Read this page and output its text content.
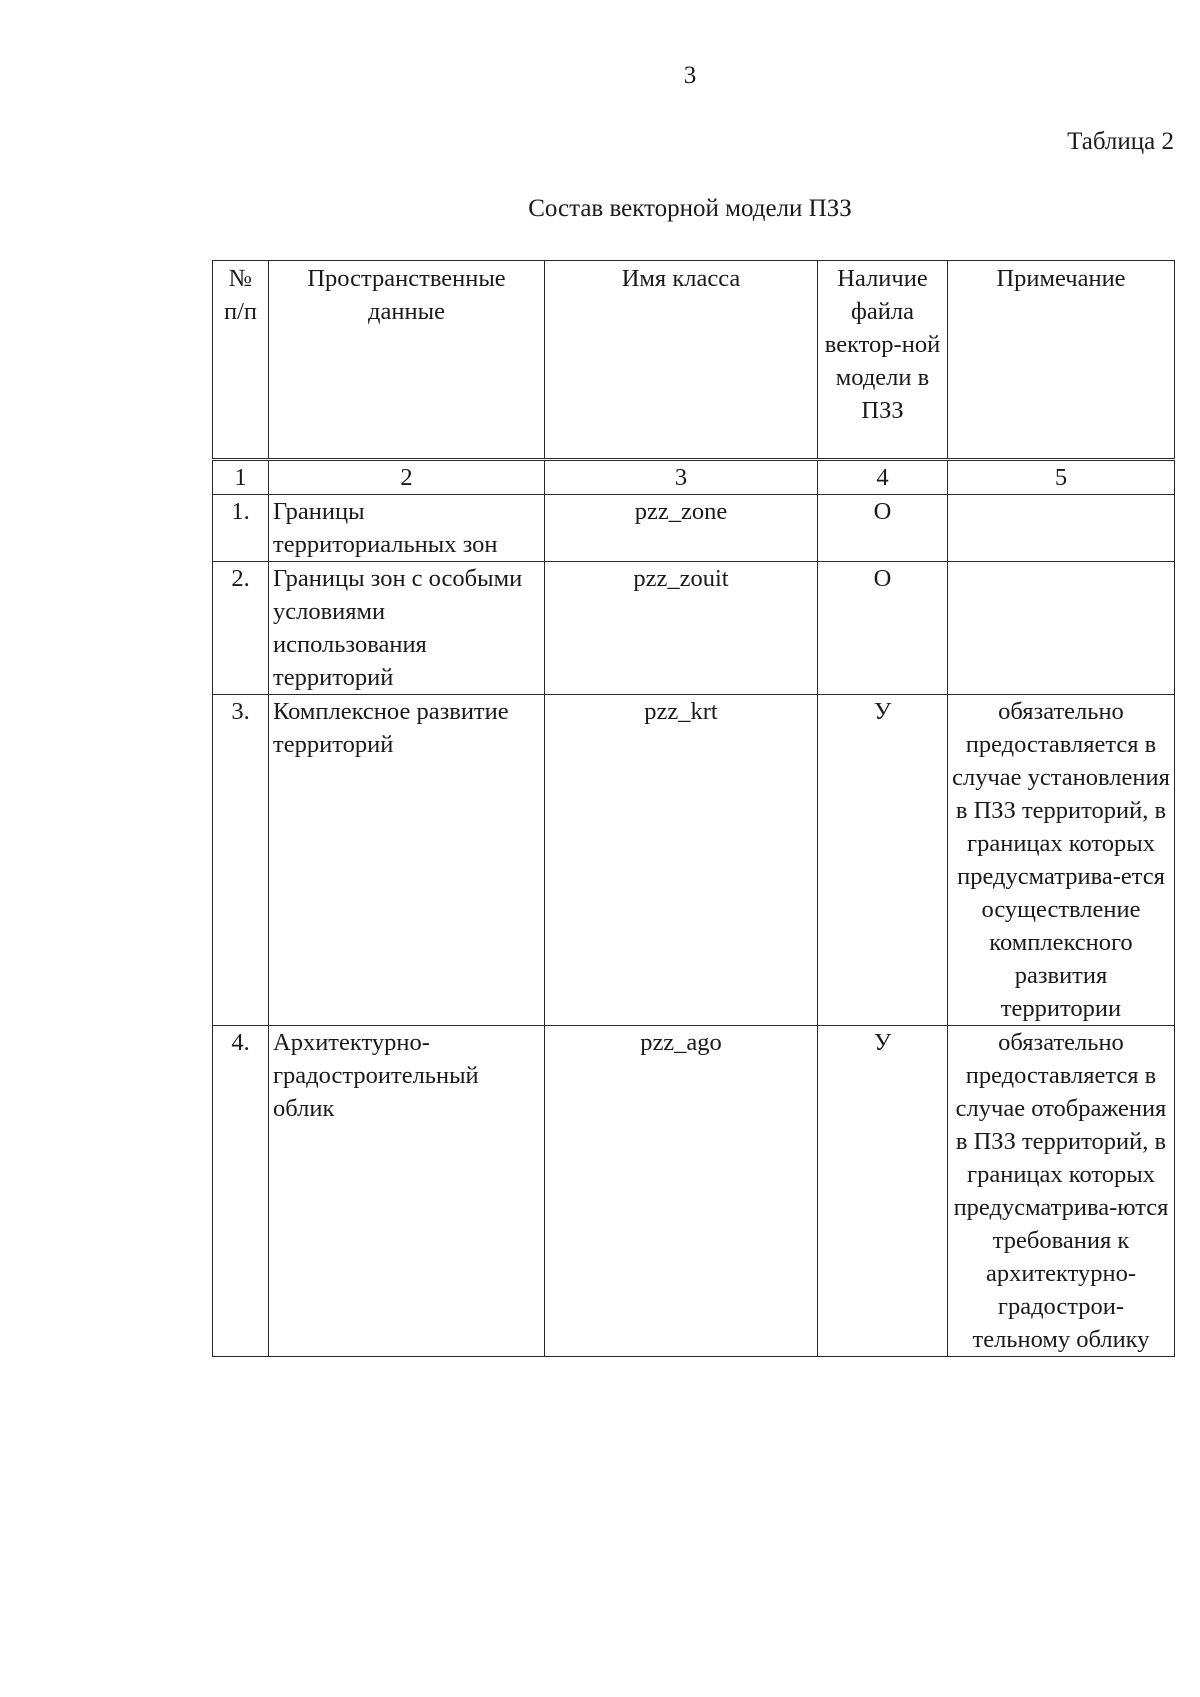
3
Таблица 2
Состав векторной модели ПЗЗ
№ п/п	Пространственные данные	Имя класса	Наличие файла вектор-ной модели в ПЗЗ	Примечание
1	2	3	4	5
1.	Границы территориальных зон	pzz_zone	О	
2.	Границы зон с особыми условиями использования территорий	pzz_zouit	О	
3.	Комплексное развитие территорий	pzz_krt	У	обязательно предоставляется в случае установления в ПЗЗ территорий, в границах которых предусматрива-ется осуществление комплексного развития территории
4.	Архитектурно-градостроительный облик	pzz_ago	У	обязательно предоставляется в случае отображения в ПЗЗ территорий, в границах которых предусматрива-ются требования к архитектурно-градострои-тельному облику
